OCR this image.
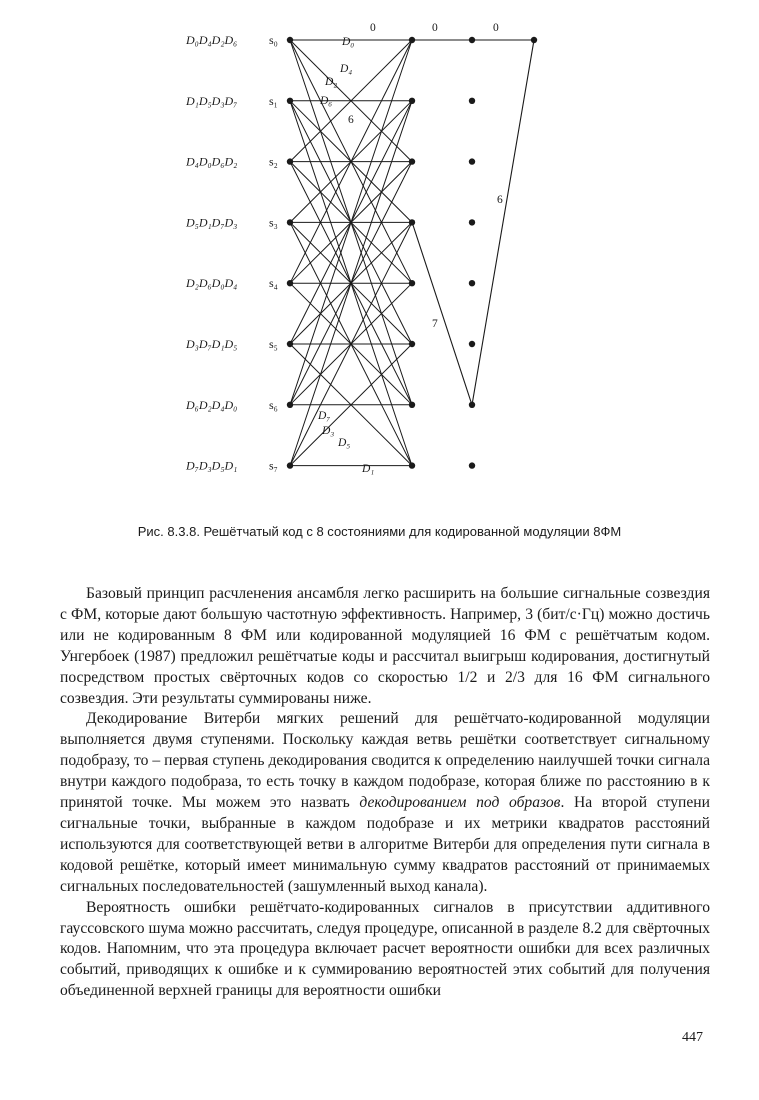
D₀D₄D₂D₆	s₀
D₁D₅D₃D₇	s₁
D₄D₀D₆D₂	s₂
D₅D₁D₇D₃	s₃
D₂D₆D₀D₄	s₄
D₃D₇D₁D₅	s₅
D₆D₂D₄D₀	s₆
D₇D₃D₅D₁	s₇
D₀
D₄
D₂
D₆
6
D₇
D₃
D₅
D₁
0	0	0
6
7
Рис. 8.3.8. Решётчатый код с 8 состояниями для кодированной модуляции 8ФМ

Базовый принцип расчленения ансамбля легко расширить на большие сигнальные созвездия с ФМ, которые дают большую частотную эффективность. Например, 3 (бит/с·Гц) можно достичь или не кодированным 8 ФМ или кодированной модуляцией 16 ФМ с решётчатым кодом. Унгербоек (1987) предложил решётчатые коды и рассчитал выигрыш кодирования, достигнутый посредством простых свёрточных кодов со скоростью 1/2 и 2/3 для 16 ФМ сигнального созвездия. Эти результаты суммированы ниже.

Декодирование Витерби мягких решений для решётчато-кодированной модуляции выполняется двумя ступенями. Поскольку каждая ветвь решётки соответствует сигнальному подобразу, то – первая ступень декодирования сводится к определению наилучшей точки сигнала внутри каждого подобраза, то есть точку в каждом подобразе, которая ближе по расстоянию в к принятой точке. Мы можем это назвать декодированием под образов. На второй ступени сигнальные точки, выбранные в каждом подобразе и их метрики квадратов расстояний используются для соответствующей ветви в алгоритме Витерби для определения пути сигнала в кодовой решётке, который имеет минимальную сумму квадратов расстояний от принимаемых сигнальных последовательностей (зашумленный выход канала).

Вероятность ошибки решётчато-кодированных сигналов в присутствии аддитивного гауссовского шума можно рассчитать, следуя процедуре, описанной в разделе 8.2 для свёрточных кодов. Напомним, что эта процедура включает расчет вероятности ошибки для всех различных событий, приводящих к ошибке и к суммированию вероятностей этих событий для получения объединенной верхней границы для вероятности ошибки

447
